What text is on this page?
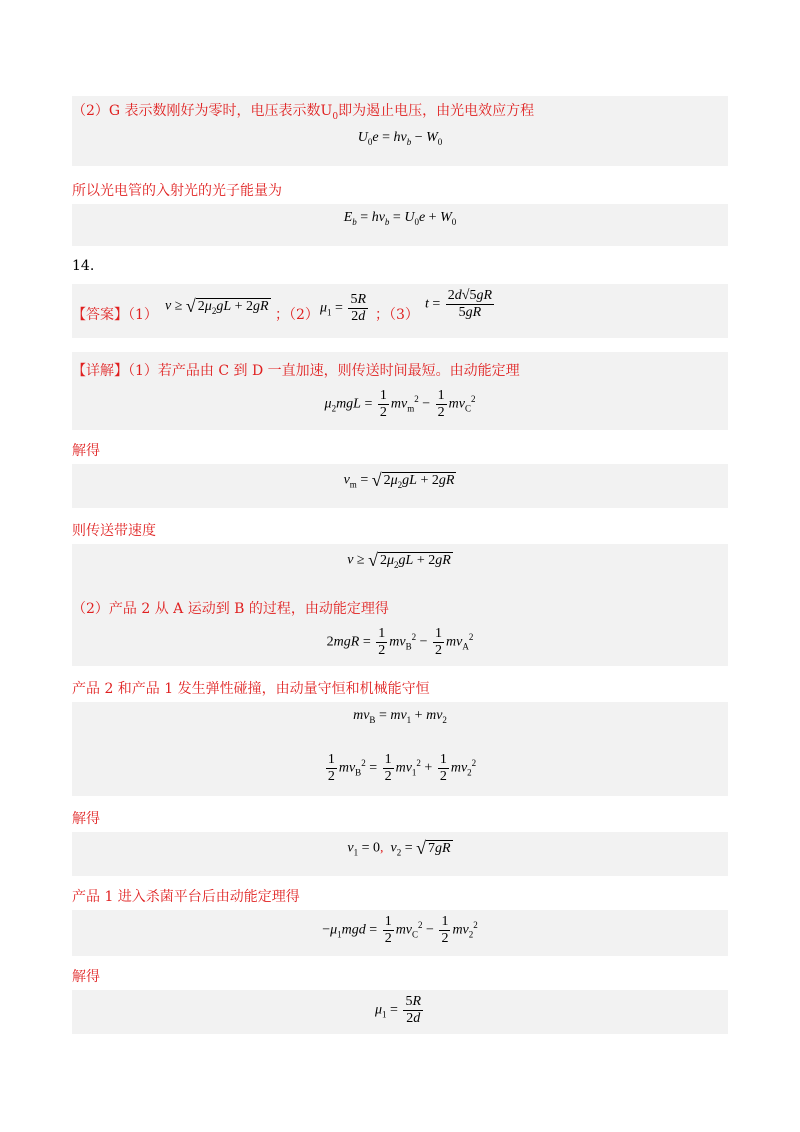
（2）G 表示数刚好为零时，电压表示数$U_0$即为遏止电压，由光电效应方程
$U_0e = h\nu_b - W_0$
所以光电管的入射光的光子能量为
$E_b = h\nu_b = U_0e + W_0$
14.
【答案】（1）
v ≥ √ $2\mu_2gL + 2gR$
；（2） $\mu_1 = \frac{5R}{2d}$ ；（3）
$t = \frac{2d√5gR}{5gR}$
【详解】（1）若产品由 C 到 D 一直加速，则传送时间最短。由动能定理
$\mu_2mgL = \frac{1}{2} mv_m^2 - \frac{1}{2} mv_C^2$
解得
$v_m$ = √ $2\mu_2gL + 2gR$
则传送带速度
v ≥ √ $2\mu_2gL + 2gR$
（2）产品 2 从 A 运动到 B 的过程，由动能定理得
$2mgR = \frac{1}{2} mv_B^2 - \frac{1}{2} mv_A^2$
产品 2 和产品 1 发生弹性碰撞，由动量守恒和机械能守恒
$mv_B = mv_1 + mv_2$
$\frac{1}{2} mv_B^2 = \frac{1}{2} mv_1^2 + \frac{1}{2} mv_2^2$
解得
$v_1 = 0$, $v_2$ = √ 7gR
产品 1 进入杀菌平台后由动能定理得
$-\mu_1mgd = \frac{1}{2} mv_C^2 - \frac{1}{2} mv_2^2$
解得
$\mu_1 = \frac{5R}{2d}$
